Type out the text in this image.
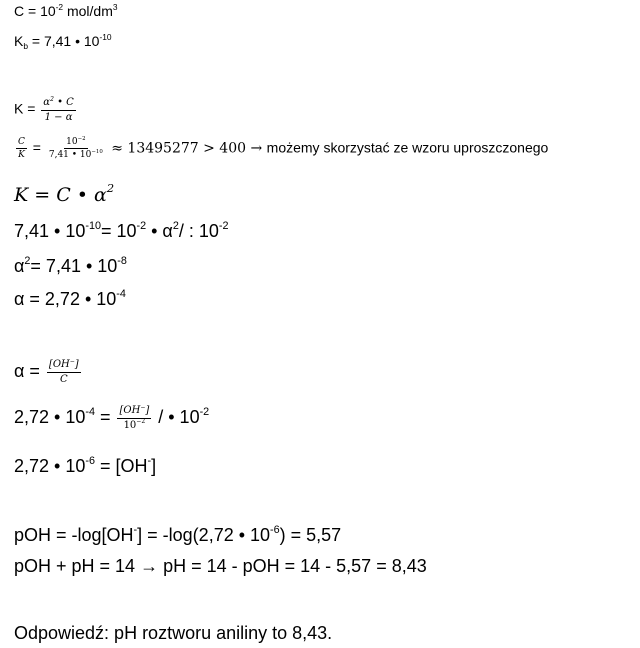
$C = 10^{-2}$ mol/$dm^3$
$K_b = 7,41$ • $10^{-10}$
$K = \frac{\alpha^2 • C}{1 - \alpha}$
$\frac{C}{K} = \frac{10^{-2}}{7,41 • 10^{-10}} \approx 13495277 > 400$ → możemy skorzystać ze wzoru uproszczonego
K = C • $\alpha^2$
7,41 • $10^{-10}= 10^{-2}$ • $\alpha^2/$ : $10^{-2}$
$\alpha^2= 7,41$ • $10^{-8}$
α = 2,72 • $10^{-4}$
$\alpha = \frac{[OH^-]}{C}$
2,72 • $10^{-4} = \frac{[OH^-]}{10^{-2}}$ / • $10^{-2}$
2,72 • $10^{-6} = [OH^-]$
pOH = -log[OH-] = -log(2,72 • $10^{-6}) = 5,57$
pOH + pH = 14 → pH = 14 - pOH = 14 - 5,57 = 8,43
Odpowiedź: pH roztworu aniliny to 8,43.
